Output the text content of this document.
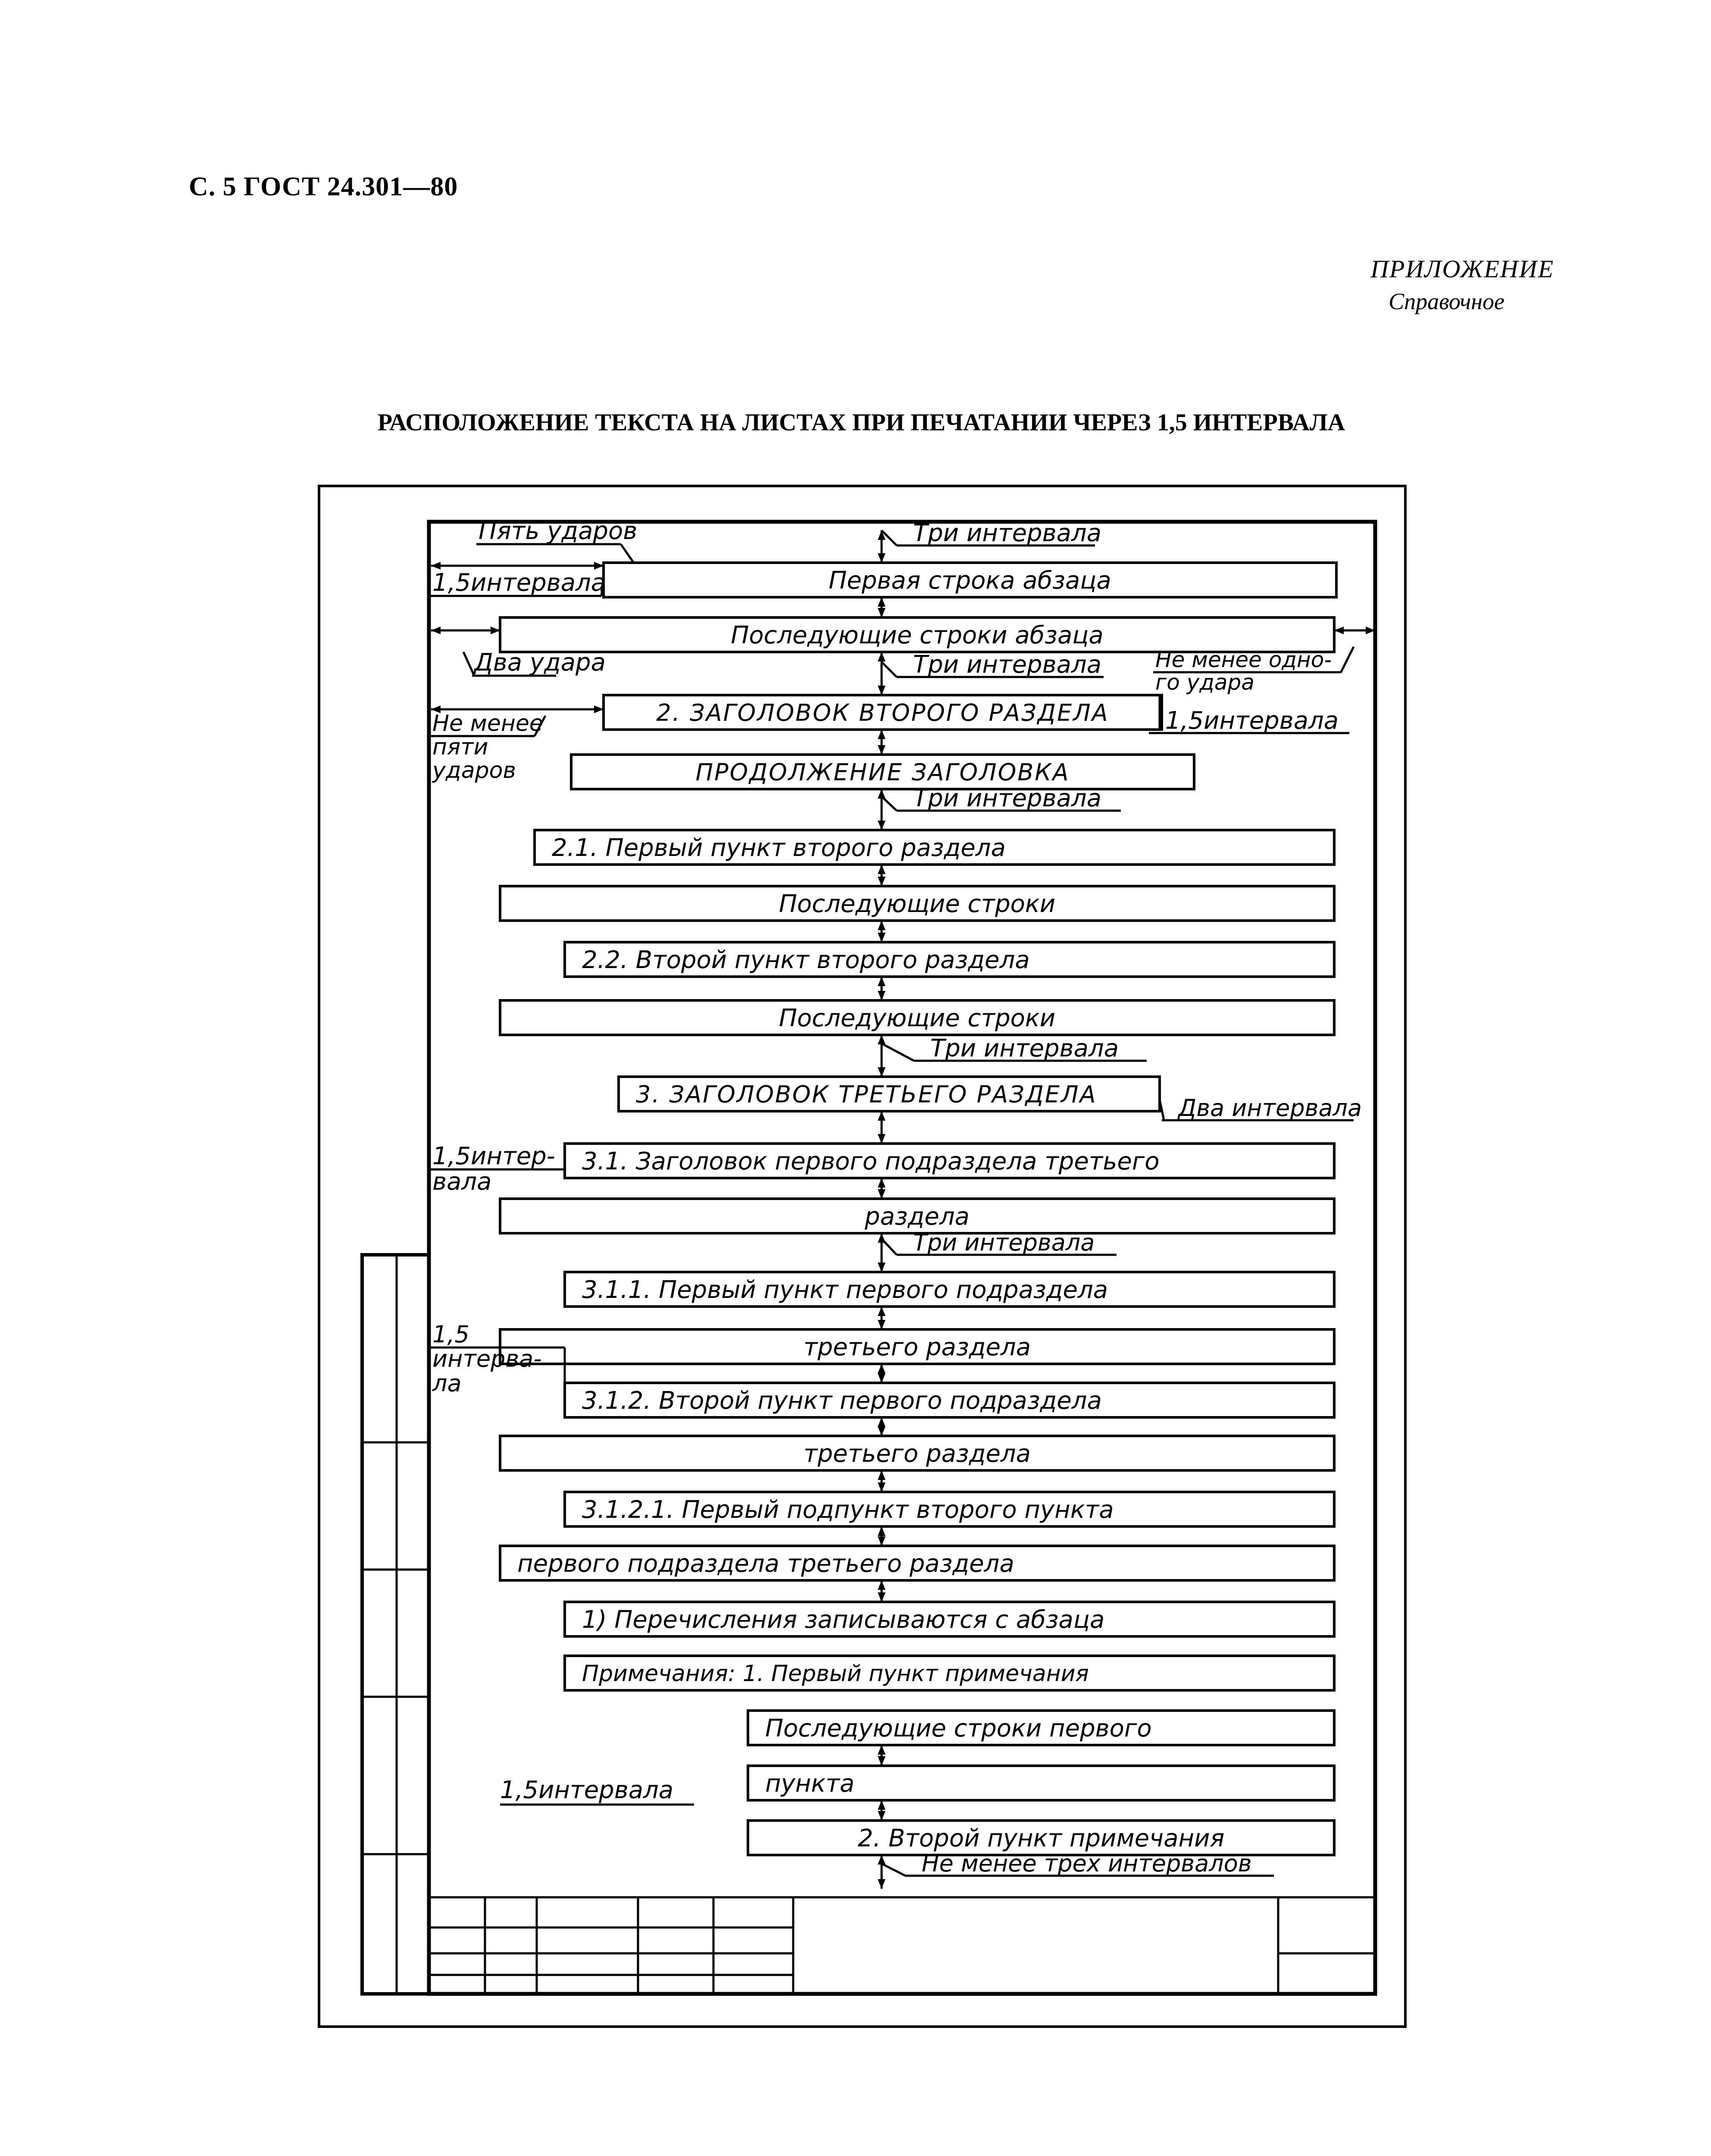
С. 5 ГОСТ 24.301—80
ПРИЛОЖЕНИЕ
Справочное
РАСПОЛОЖЕНИЕ ТЕКСТА НА ЛИСТАХ ПРИ ПЕЧАТАНИИ ЧЕРЕЗ 1,5 ИНТЕРВАЛА
Первая строка абзаца
Последующие строки абзаца
2. ЗАГОЛОВОК ВТОРОГО РАЗДЕЛА
ПРОДОЛЖЕНИЕ ЗАГОЛОВКА
2.1. Первый пункт второго раздела
Последующие строки
2.2. Второй пункт второго раздела
Последующие строки
3. ЗАГОЛОВОК ТРЕТЬЕГО РАЗДЕЛА
3.1. Заголовок первого подраздела третьего
раздела
3.1.1. Первый пункт первого подраздела
третьего раздела
3.1.2. Второй пункт первого подраздела
третьего раздела
3.1.2.1. Первый подпункт второго пункта
первого подраздела третьего раздела
1) Перечисления записываются с абзаца
Примечания: 1. Первый пункт примечания
Последующие строки первого
пункта
2. Второй пункт примечания
Три интервала
Три интервала
Три интервала
Три интервала
Три интервала
Два интервала
1,5интервала
Не менее трех интервалов
Пять ударов
1,5интервала
Два удара	Не менее одно-
го удара
Не менее
пяти
ударов
1,5интер-
вала
1,5
интерва-
ла
1,5интервала
